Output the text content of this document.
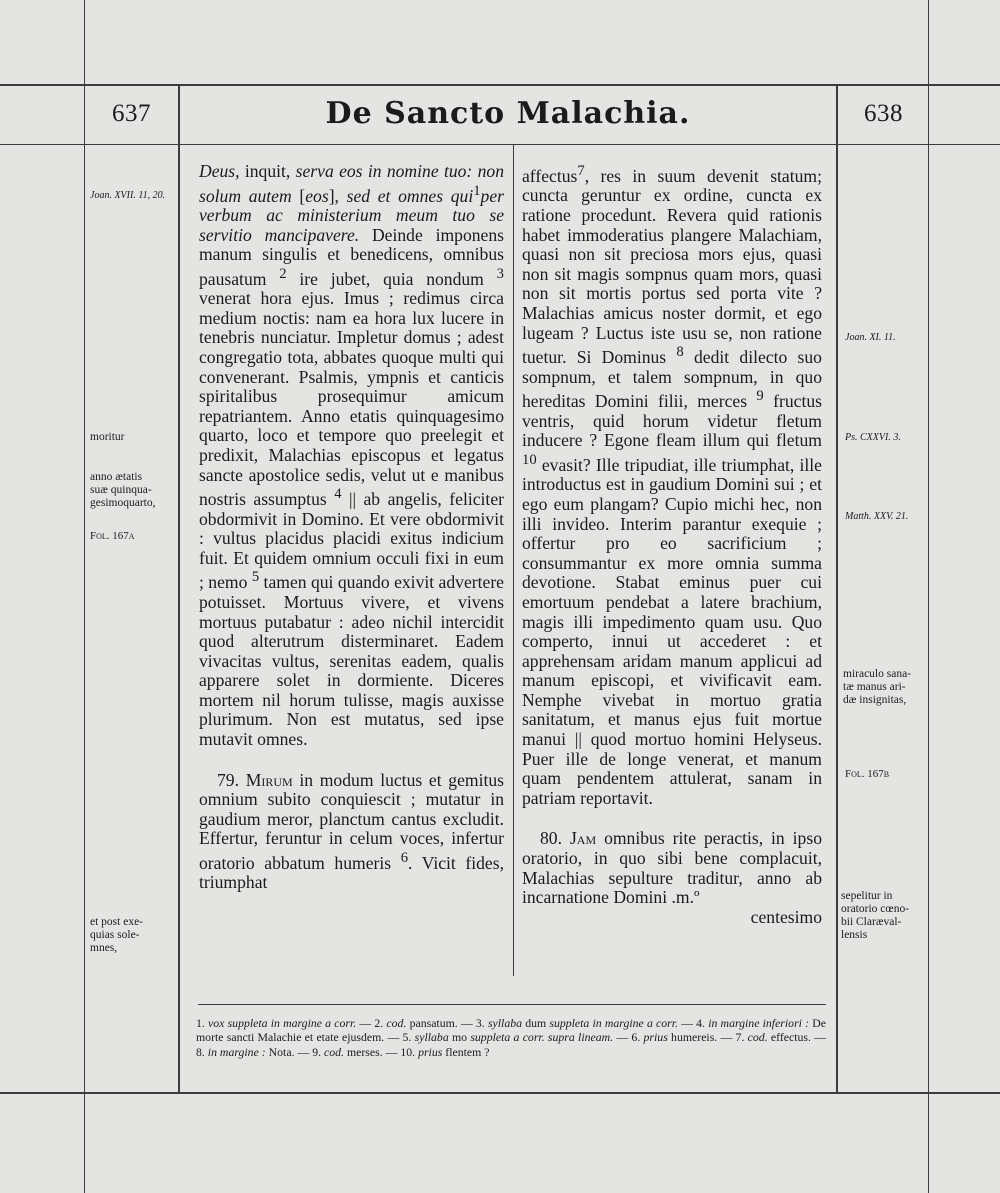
637	De Sancto Malachia.	638

Joan. XVII. 11, 20.

moritur

anno ætatis
suæ quinqua-
gesimoquarto,

Fol. 167a

et post exe-
quias sole-
mnes,

Deus, inquit, serva eos in nomine tuo: non solum autem [eos], sed et omnes qui$^1$per verbum ac ministerium meum tuo se servitio mancipavere. Deinde imponens manum singulis et benedicens, omnibus pausatum $^2$ ire jubet, quia nondum $^3$ venerat hora ejus. Imus ; redimus circa medium noctis: nam ea hora lux lucere in tenebris nunciatur. Impletur domus ; adest congregatio tota, abbates quoque multi qui convenerant. Psalmis, ympnis et canticis spiritalibus prosequimur amicum repatriantem. Anno etatis quinquagesimo quarto, loco et tempore quo preelegit et predixit, Malachias episcopus et legatus sancte apostolice sedis, velut ut e manibus nostris assumptus $^4$ || ab angelis, feliciter obdormivit in Domino. Et vere obdormivit : vultus placidus placidi exitus indicium fuit. Et quidem omnium occuli fixi in eum ; nemo $^5$ tamen qui quando exivit advertere potuisset. Mortuus vivere, et vivens mortuus putabatur : adeo nichil intercidit quod alterutrum disterminaret. Eadem vivacitas vultus, serenitas eadem, qualis apparere solet in dormiente. Diceres mortem nil horum tulisse, magis auxisse plurimum. Non est mutatus, sed ipse mutavit omnes.

79. Mirum in modum luctus et gemitus omnium subito conquiescit ; mutatur in gaudium meror, planctum cantus excludit. Effertur, feruntur in celum voces, infertur oratorio abbatum humeris $^6$. Vicit fides, triumphat

affectus$^7$, res in suum devenit statum; cuncta geruntur ex ordine, cuncta ex ratione procedunt. Revera quid rationis habet immoderatius plangere Malachiam, quasi non sit preciosa mors ejus, quasi non sit magis sompnus quam mors, quasi non sit mortis portus sed porta vite ? Malachias amicus noster dormit, et ego lugeam ? Luctus iste usu se, non ratione tuetur. Si Dominus $^8$ dedit dilecto suo sompnum, et talem sompnum, in quo hereditas Domini filii, merces $^9$ fructus ventris, quid horum videtur fletum inducere ? Egone fleam illum qui fletum $^{10}$ evasit? Ille tripudiat, ille triumphat, ille introductus est in gaudium Domini sui ; et ego eum plangam? Cupio michi hec, non illi invideo. Interim parantur exequie ; offertur pro eo sacrificium ; consummantur ex more omnia summa devotione. Stabat eminus puer cui emortuum pendebat a latere brachium, magis illi impedimento quam usu. Quo comperto, innui ut accederet : et apprehensam aridam manum applicui ad manum episcopi, et vivificavit eam. Nemphe vivebat in mortuo gratia sanitatum, et manus ejus fuit mortue manui || quod mortuo homini Helyseus. Puer ille de longe venerat, et manum quam pendentem attulerat, sanam in patriam reportavit.

80. Jam omnibus rite peractis, in ipso oratorio, in quo sibi bene complacuit, Malachias sepulture traditur, anno ab incarnatione Domini .m.º

centesimo

Joan. XI. 11.

Ps. CXXVI. 3.

Matth. XXV. 21.

miraculo sana-
tæ manus ari-
dæ insignitas,

Fol. 167b

sepelitur in
oratorio cœno-
bii Claræval-
lensis

1. vox suppleta in margine a corr. — 2. cod. pansatum. — 3. syllaba dum suppleta in margine a corr. — 4. in margine inferiori : De morte sancti Malachie et etate ejusdem. — 5. syllaba mo suppleta a corr. supra lineam. — 6. prius humereis. — 7. cod. effectus. — 8. in margine : Nota. — 9. cod. merses. — 10. prius flentem ?
